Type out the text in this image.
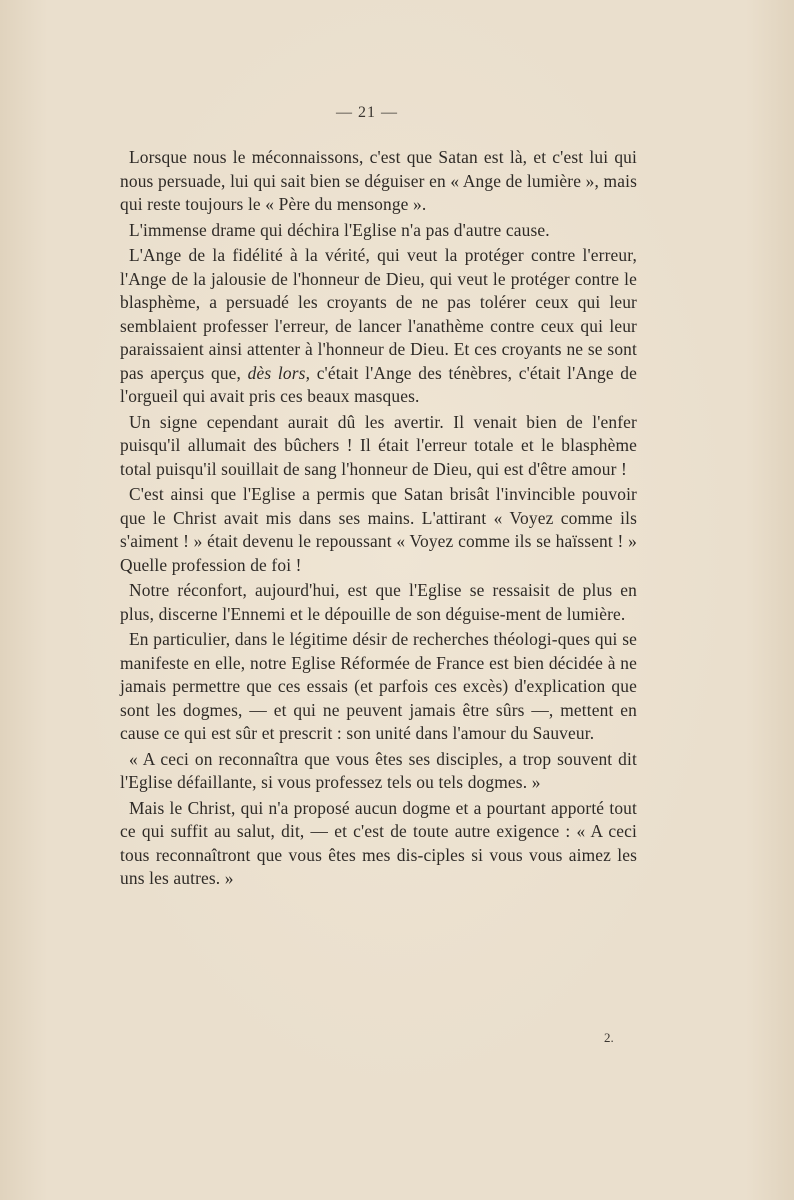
— 21 —

Lorsque nous le méconnaissons, c'est que Satan est là, et c'est lui qui nous persuade, lui qui sait bien se déguiser en « Ange de lumière », mais qui reste toujours le « Père du mensonge ».

L'immense drame qui déchira l'Eglise n'a pas d'autre cause.

L'Ange de la fidélité à la vérité, qui veut la protéger contre l'erreur, l'Ange de la jalousie de l'honneur de Dieu, qui veut le protéger contre le blasphème, a persuadé les croyants de ne pas tolérer ceux qui leur semblaient professer l'erreur, de lancer l'anathème contre ceux qui leur paraissaient ainsi attenter à l'honneur de Dieu. Et ces croyants ne se sont pas aperçus que, dès lors, c'était l'Ange des ténèbres, c'était l'Ange de l'orgueil qui avait pris ces beaux masques.

Un signe cependant aurait dû les avertir. Il venait bien de l'enfer puisqu'il allumait des bûchers ! Il était l'erreur totale et le blasphème total puisqu'il souillait de sang l'honneur de Dieu, qui est d'être amour !

C'est ainsi que l'Eglise a permis que Satan brisât l'invincible pouvoir que le Christ avait mis dans ses mains. L'attirant « Voyez comme ils s'aiment ! » était devenu le repoussant « Voyez comme ils se haïssent ! » Quelle profession de foi !

Notre réconfort, aujourd'hui, est que l'Eglise se ressaisit de plus en plus, discerne l'Ennemi et le dépouille de son déguise-ment de lumière.

En particulier, dans le légitime désir de recherches théologi-ques qui se manifeste en elle, notre Eglise Réformée de France est bien décidée à ne jamais permettre que ces essais (et parfois ces excès) d'explication que sont les dogmes, — et qui ne peuvent jamais être sûrs —, mettent en cause ce qui est sûr et prescrit : son unité dans l'amour du Sauveur.

« A ceci on reconnaîtra que vous êtes ses disciples, a trop souvent dit l'Eglise défaillante, si vous professez tels ou tels dogmes. »

Mais le Christ, qui n'a proposé aucun dogme et a pourtant apporté tout ce qui suffit au salut, dit, — et c'est de toute autre exigence : « A ceci tous reconnaîtront que vous êtes mes dis-ciples si vous vous aimez les uns les autres. »

2.
